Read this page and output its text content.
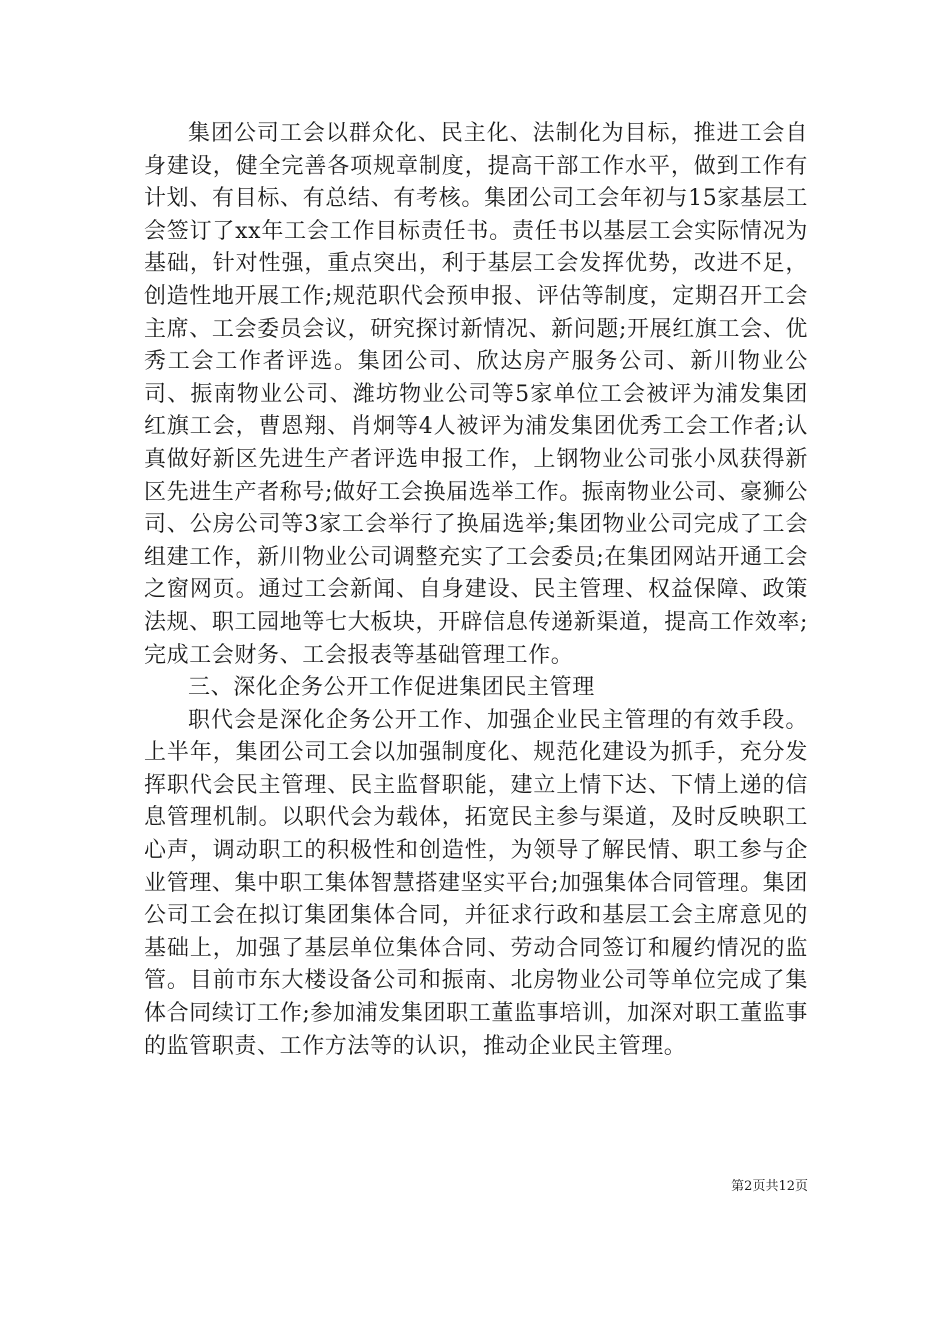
集团公司工会以群众化、民主化、法制化为目标，推进工会自身建设，健全完善各项规章制度，提高干部工作水平，做到工作有计划、有目标、有总结、有考核。集团公司工会年初与15家基层工会签订了xx年工会工作目标责任书。责任书以基层工会实际情况为基础，针对性强，重点突出，利于基层工会发挥优势，改进不足，创造性地开展工作;规范职代会预申报、评估等制度，定期召开工会主席、工会委员会议，研究探讨新情况、新问题;开展红旗工会、优秀工会工作者评选。集团公司、欣达房产服务公司、新川物业公司、振南物业公司、潍坊物业公司等5家单位工会被评为浦发集团红旗工会，曹恩翔、肖炯等4人被评为浦发集团优秀工会工作者;认真做好新区先进生产者评选申报工作，上钢物业公司张小凤获得新区先进生产者称号;做好工会换届选举工作。振南物业公司、豪狮公司、公房公司等3家工会举行了换届选举;集团物业公司完成了工会组建工作，新川物业公司调整充实了工会委员;在集团网站开通工会之窗网页。通过工会新闻、自身建设、民主管理、权益保障、政策法规、职工园地等七大板块，开辟信息传递新渠道，提高工作效率;完成工会财务、工会报表等基础管理工作。

三、深化企务公开工作促进集团民主管理

职代会是深化企务公开工作、加强企业民主管理的有效手段。上半年，集团公司工会以加强制度化、规范化建设为抓手，充分发挥职代会民主管理、民主监督职能，建立上情下达、下情上递的信息管理机制。以职代会为载体，拓宽民主参与渠道，及时反映职工心声，调动职工的积极性和创造性，为领导了解民情、职工参与企业管理、集中职工集体智慧搭建坚实平台;加强集体合同管理。集团公司工会在拟订集团集体合同，并征求行政和基层工会主席意见的基础上，加强了基层单位集体合同、劳动合同签订和履约情况的监管。目前市东大楼设备公司和振南、北房物业公司等单位完成了集体合同续订工作;参加浦发集团职工董监事培训，加深对职工董监事的监管职责、工作方法等的认识，推动企业民主管理。

第2页共12页
